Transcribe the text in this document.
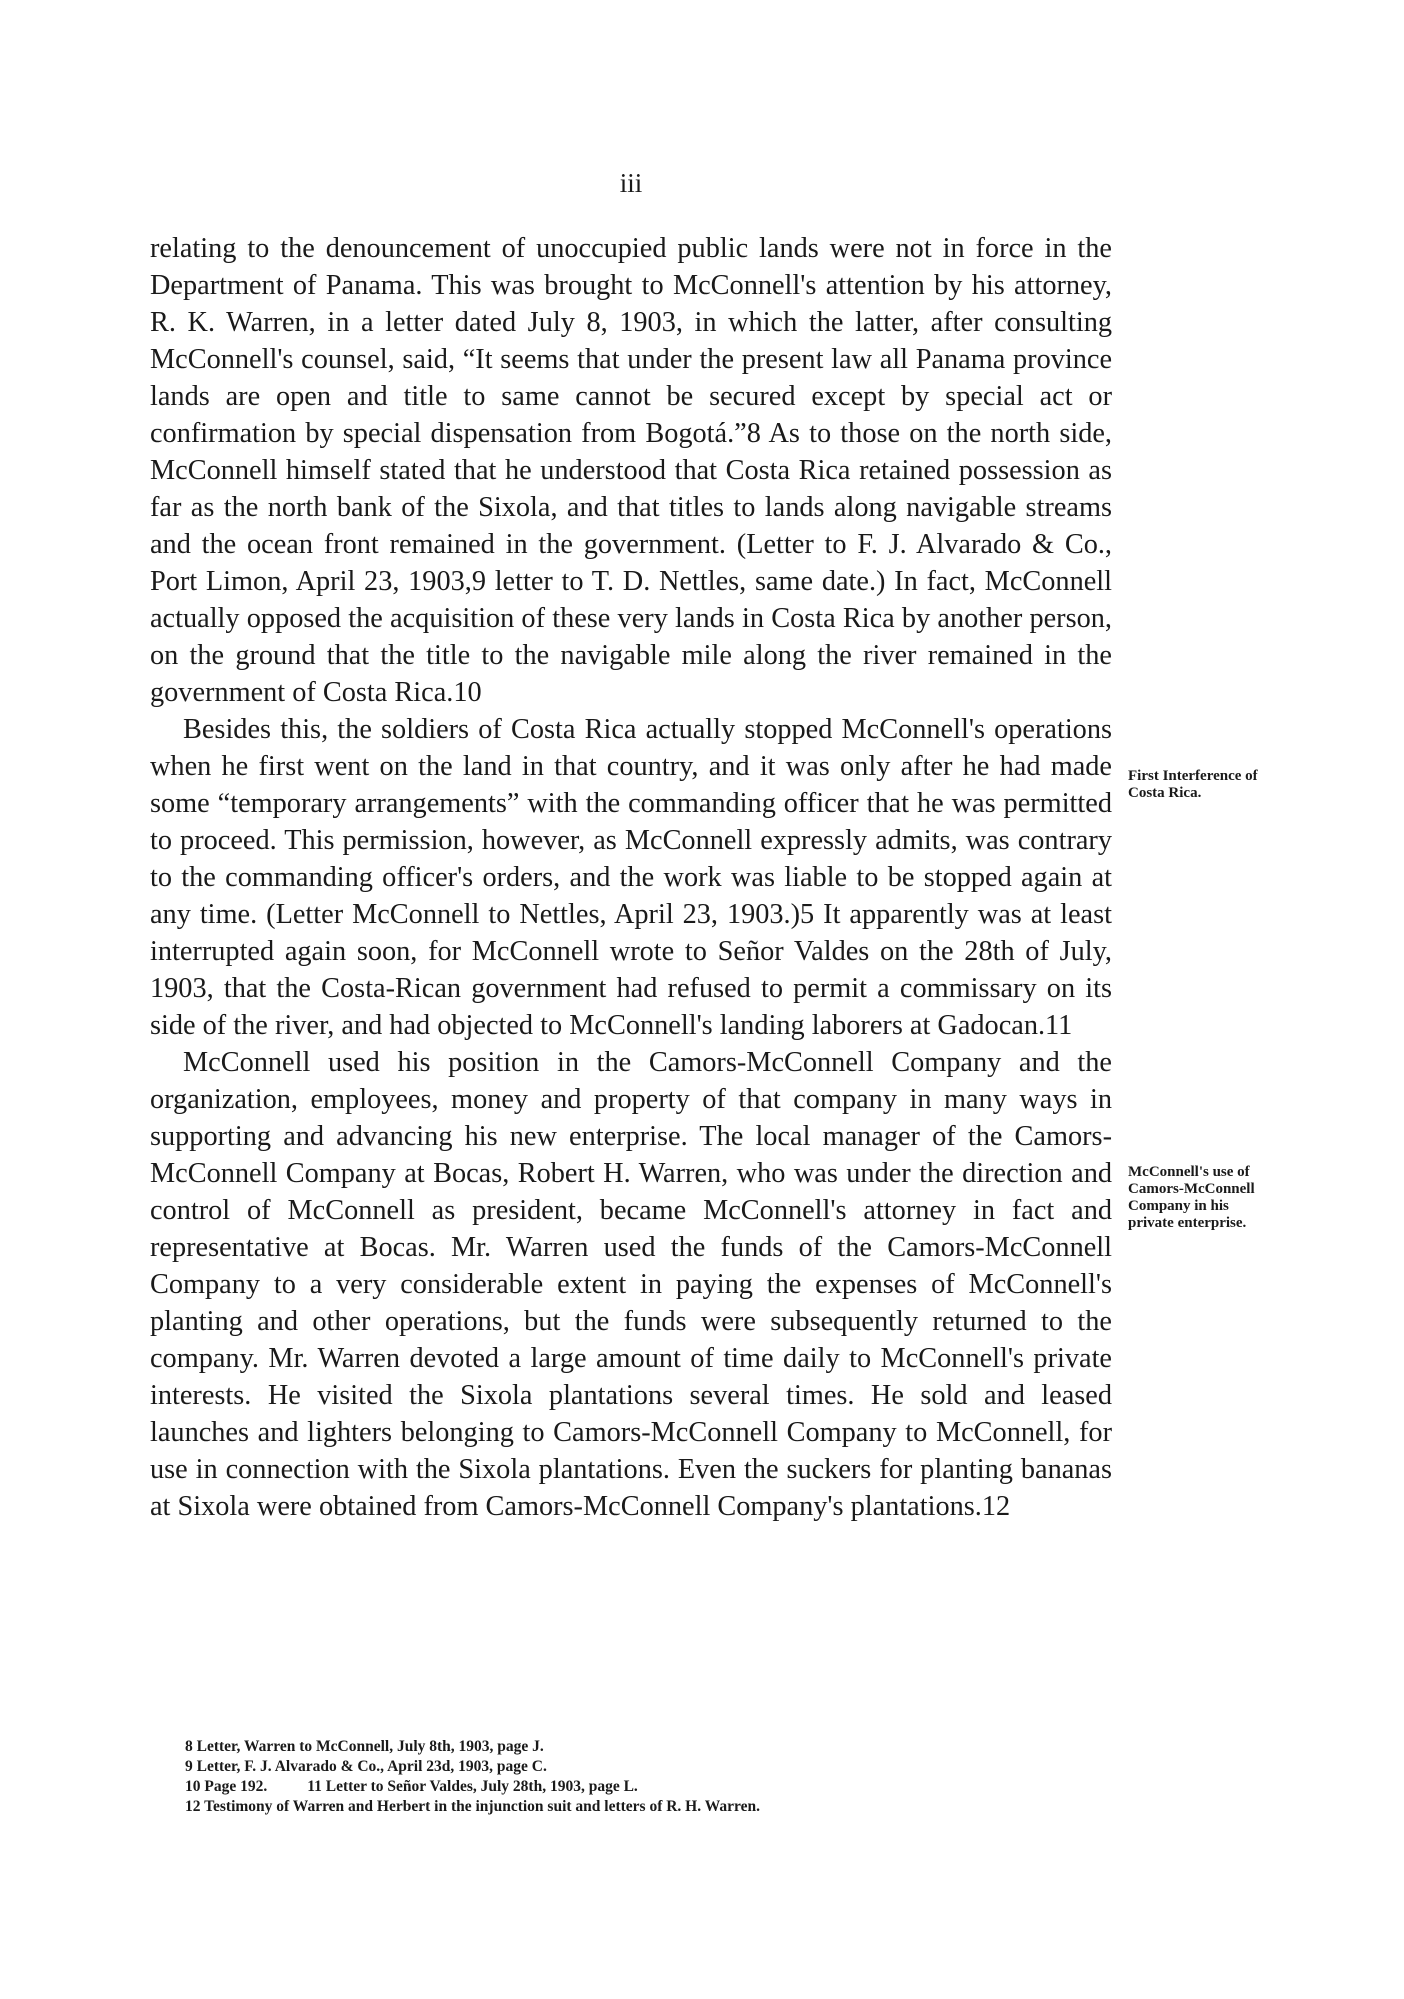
iii

relating to the denouncement of unoccupied public lands were not in force in the Department of Panama. This was brought to McConnell's attention by his attorney, R. K. Warren, in a letter dated July 8, 1903, in which the latter, after consulting McConnell's counsel, said, “It seems that under the present law all Panama province lands are open and title to same cannot be secured except by special act or confirmation by special dispensation from Bogotá.”8 As to those on the north side, McConnell himself stated that he understood that Costa Rica retained possession as far as the north bank of the Sixola, and that titles to lands along navigable streams and the ocean front remained in the government. (Letter to F. J. Alvarado & Co., Port Limon, April 23, 1903,9 letter to T. D. Nettles, same date.) In fact, McConnell actually opposed the acquisition of these very lands in Costa Rica by another person, on the ground that the title to the navigable mile along the river remained in the government of Costa Rica.10

Besides this, the soldiers of Costa Rica actually stopped McConnell's operations when he first went on the land in that country, and it was only after he had made some “temporary arrangements” with the commanding officer that he was permitted to proceed. This permission, however, as McConnell expressly admits, was contrary to the commanding officer's orders, and the work was liable to be stopped again at any time. (Letter McConnell to Nettles, April 23, 1903.)5 It apparently was at least interrupted again soon, for McConnell wrote to Señor Valdes on the 28th of July, 1903, that the Costa-Rican government had refused to permit a commissary on its side of the river, and had objected to McConnell's landing laborers at Gadocan.11

McConnell used his position in the Camors-McConnell Company and the organization, employees, money and property of that company in many ways in supporting and advancing his new enterprise. The local manager of the Camors-McConnell Company at Bocas, Robert H. Warren, who was under the direction and control of McConnell as president, became McConnell's attorney in fact and representative at Bocas. Mr. Warren used the funds of the Camors-McConnell Company to a very considerable extent in paying the expenses of McConnell's planting and other operations, but the funds were subsequently returned to the company. Mr. Warren devoted a large amount of time daily to McConnell's private interests. He visited the Sixola plantations several times. He sold and leased launches and lighters belonging to Camors-McConnell Company to McConnell, for use in connection with the Sixola plantations. Even the suckers for planting bananas at Sixola were obtained from Camors-McConnell Company's plantations.12

First Interference of Costa Rica.
McConnell's use of Camors-McConnell Company in his private enterprise.
8 Letter, Warren to McConnell, July 8th, 1903, page J.
9 Letter, F. J. Alvarado & Co., April 23d, 1903, page C.
10 Page 192.	11 Letter to Señor Valdes, July 28th, 1903, page L.
12 Testimony of Warren and Herbert in the injunction suit and letters of R. H. Warren.
